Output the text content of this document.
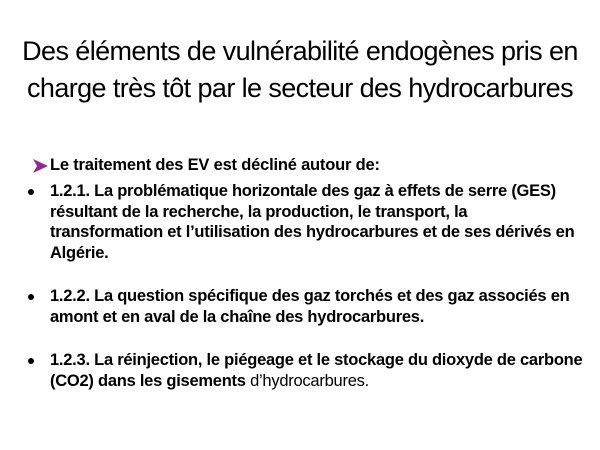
Des éléments de vulnérabilité endogènes pris en charge très tôt par le secteur des hydrocarbures
Le traitement des EV est décliné autour de:
1.2.1. La problématique horizontale des gaz à effets de serre (GES) résultant de la recherche, la production, le transport, la transformation et l’utilisation des hydrocarbures et de ses dérivés en Algérie.
1.2.2. La question spécifique des gaz torchés et des gaz associés en amont et en aval de la chaîne des hydrocarbures.
1.2.3. La réinjection, le piégeage et le stockage du dioxyde de carbone (CO2) dans les gisements d’hydrocarbures.
